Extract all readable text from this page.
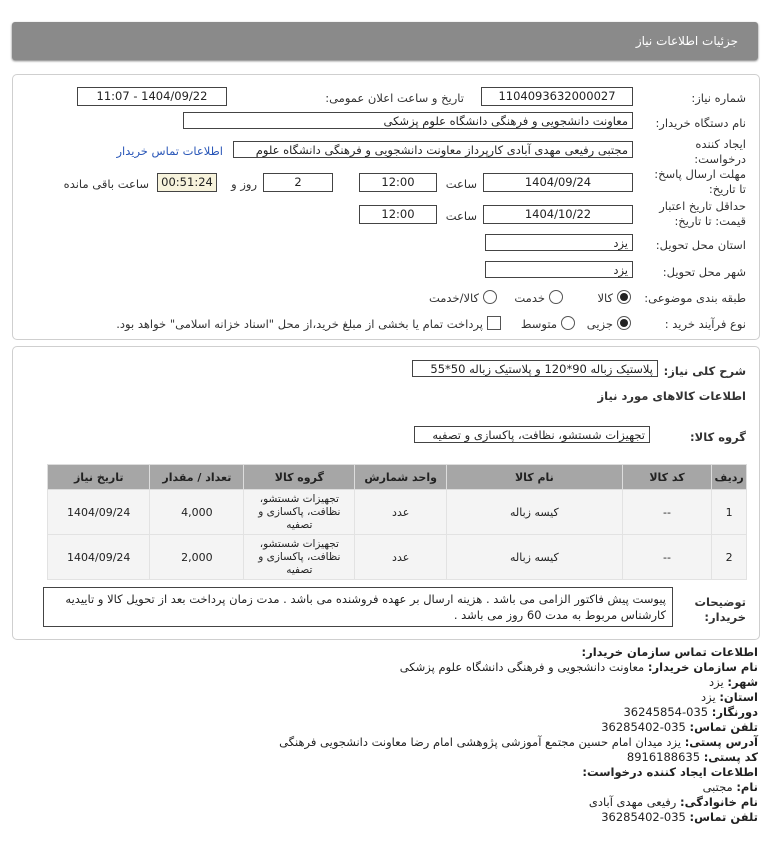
جزئیات اطلاعات نیاز
شماره نیاز:
1104093632000027
تاریخ و ساعت اعلان عمومی:
1404/09/22 - 11:07
نام دستگاه خریدار:
معاونت دانشجویی و فرهنگی دانشگاه علوم پزشکی
ایجاد کننده درخواست:
مجتبی رفیعی مهدی آبادی کارپرداز معاونت دانشجویی و فرهنگی دانشگاه علوم
اطلاعات تماس خریدار
مهلت ارسال پاسخ: تا تاریخ:
1404/09/24
ساعت
12:00
2
روز و
00:51:24
ساعت باقی مانده
حداقل تاریخ اعتبار قیمت: تا تاریخ:
1404/10/22
ساعت
12:00
استان محل تحویل:
یزد
شهر محل تحویل:
یزد
طبقه بندی موضوعی:
کالا
خدمت
کالا/خدمت
نوع فرآیند خرید :
جزیی
متوسط
پرداخت تمام یا بخشی از مبلغ خرید،از محل "اسناد خزانه اسلامی" خواهد بود.
شرح کلی نیاز:
پلاستیک زباله 90*120 و پلاستیک زباله 50*55
اطلاعات کالاهای مورد نیاز
گروه کالا:
تجهیزات شستشو، نظافت، پاکسازی و تصفیه
ردیف	کد کالا	نام کالا	واحد شمارش	گروه کالا	تعداد / مقدار	تاریخ نیاز
1	--	کیسه زباله	عدد	تجهیزات شستشو، نظافت، پاکسازی و تصفیه	4,000	1404/09/24
2	--	کیسه زباله	عدد	تجهیزات شستشو، نظافت، پاکسازی و تصفیه	2,000	1404/09/24
توضیحات خریدار:
پیوست پیش فاکتور الزامی می باشد . هزینه ارسال بر عهده فروشنده می باشد . مدت زمان پرداخت بعد از تحویل کالا و تاییدیه کارشناس مربوط به مدت 60 روز می باشد .
اطلاعات تماس سازمان خریدار:
نام سازمان خریدار: معاونت دانشجویی و فرهنگی دانشگاه علوم پزشکی
شهر: یزد
استان: یزد
دورنگار: 035-36245854
تلفن تماس: 035-36285402
آدرس پستی: یزد میدان امام حسین مجتمع آموزشی پژوهشی امام رضا معاونت دانشجویی فرهنگی
کد پستی: 8916188635
اطلاعات ایجاد کننده درخواست:
نام: مجتبی
نام خانوادگی: رفیعی مهدی آبادی
تلفن تماس: 035-36285402
